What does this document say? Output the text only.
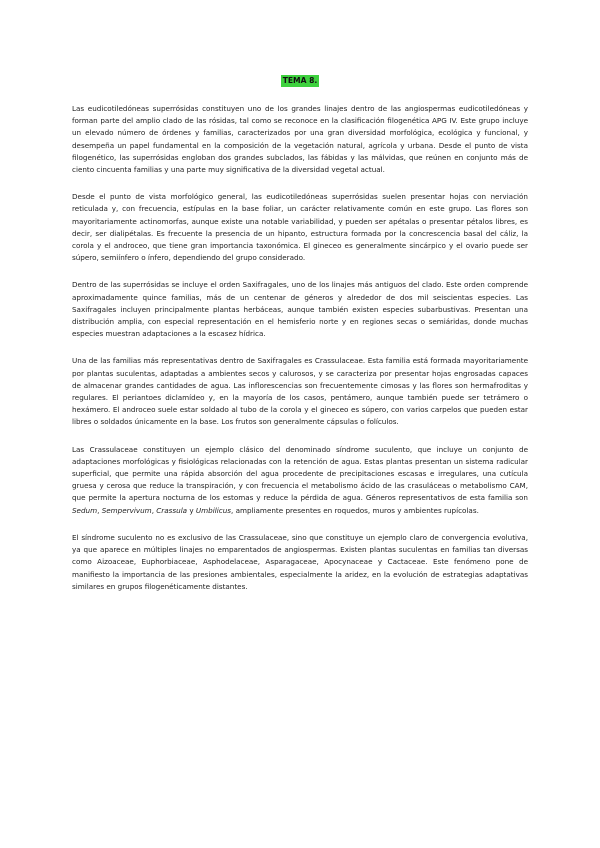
TEMA 8.

Las eudicotiledóneas superrósidas constituyen uno de los grandes linajes dentro de las angiospermas eudicotiledóneas y forman parte del amplio clado de las rósidas, tal como se reconoce en la clasificación filogenética APG IV. Este grupo incluye un elevado número de órdenes y familias, caracterizados por una gran diversidad morfológica, ecológica y funcional, y desempeña un papel fundamental en la composición de la vegetación natural, agrícola y urbana. Desde el punto de vista filogenético, las superrósidas engloban dos grandes subclados, las fábidas y las málvidas, que reúnen en conjunto más de ciento cincuenta familias y una parte muy significativa de la diversidad vegetal actual.

Desde el punto de vista morfológico general, las eudicotiledóneas superrósidas suelen presentar hojas con nerviación reticulada y, con frecuencia, estípulas en la base foliar, un carácter relativamente común en este grupo. Las flores son mayoritariamente actinomorfas, aunque existe una notable variabilidad, y pueden ser apétalas o presentar pétalos libres, es decir, ser dialipétalas. Es frecuente la presencia de un hipanto, estructura formada por la concrescencia basal del cáliz, la corola y el androceo, que tiene gran importancia taxonómica. El gineceo es generalmente sincárpico y el ovario puede ser súpero, semiínfero o ínfero, dependiendo del grupo considerado.

Dentro de las superrósidas se incluye el orden Saxifragales, uno de los linajes más antiguos del clado. Este orden comprende aproximadamente quince familias, más de un centenar de géneros y alrededor de dos mil seiscientas especies. Las Saxifragales incluyen principalmente plantas herbáceas, aunque también existen especies subarbustivas. Presentan una distribución amplia, con especial representación en el hemisferio norte y en regiones secas o semiáridas, donde muchas especies muestran adaptaciones a la escasez hídrica.

Una de las familias más representativas dentro de Saxifragales es Crassulaceae. Esta familia está formada mayoritariamente por plantas suculentas, adaptadas a ambientes secos y calurosos, y se caracteriza por presentar hojas engrosadas capaces de almacenar grandes cantidades de agua. Las inflorescencias son frecuentemente cimosas y las flores son hermafroditas y regulares. El periantoes diclamídeo y, en la mayoría de los casos, pentámero, aunque también puede ser tetrámero o hexámero. El androceo suele estar soldado al tubo de la corola y el gineceo es súpero, con varios carpelos que pueden estar libres o soldados únicamente en la base. Los frutos son generalmente cápsulas o folículos.

Las Crassulaceae constituyen un ejemplo clásico del denominado síndrome suculento, que incluye un conjunto de adaptaciones morfológicas y fisiológicas relacionadas con la retención de agua. Estas plantas presentan un sistema radicular superficial, que permite una rápida absorción del agua procedente de precipitaciones escasas e irregulares, una cutícula gruesa y cerosa que reduce la transpiración, y con frecuencia el metabolismo ácido de las crasuláceas o metabolismo CAM, que permite la apertura nocturna de los estomas y reduce la pérdida de agua. Géneros representativos de esta familia son Sedum, Sempervivum, Crassula y Umbilicus, ampliamente presentes en roquedos, muros y ambientes rupícolas.

El síndrome suculento no es exclusivo de las Crassulaceae, sino que constituye un ejemplo claro de convergencia evolutiva, ya que aparece en múltiples linajes no emparentados de angiospermas. Existen plantas suculentas en familias tan diversas como Aizoaceae, Euphorbiaceae, Asphodelaceae, Asparagaceae, Apocynaceae y Cactaceae. Este fenómeno pone de manifiesto la importancia de las presiones ambientales, especialmente la aridez, en la evolución de estrategias adaptativas similares en grupos filogenéticamente distantes.
